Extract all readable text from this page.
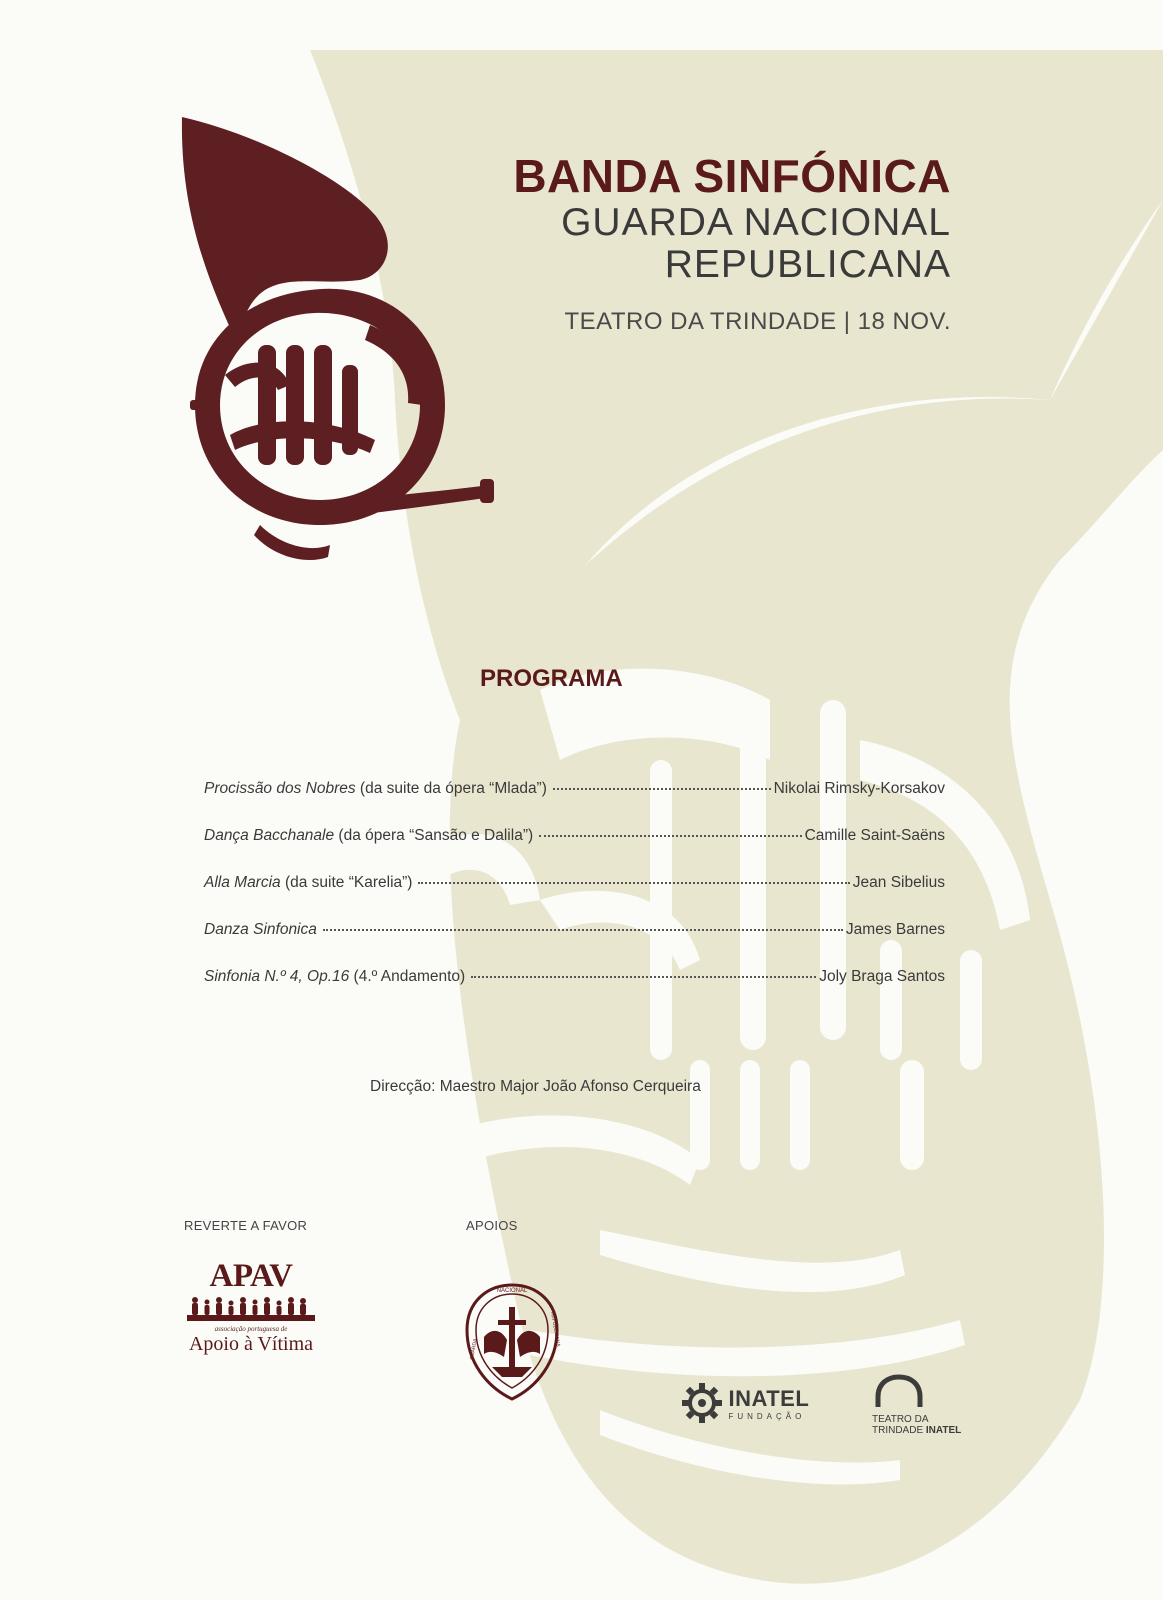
BANDA SINFÓNICA
GUARDA NACIONAL
REPUBLICANA
TEATRO DA TRINDADE | 18 NOV.
PROGRAMA
Procissão dos Nobres (da suite da ópera “Mlada”)	Nikolai Rimsky-Korsakov
Dança Bacchanale (da ópera “Sansão e Dalila”)	Camille Saint-Saëns
Alla Marcia (da suite “Karelia”)	Jean Sibelius
Danza Sinfonica	James Barnes
Sinfonia N.º 4, Op.16 (4.º Andamento)	Joly Braga Santos
Direcção: Maestro Major João Afonso Cerqueira
REVERTE A FAVOR	APOIOS
APAV
associação portuguesa de
Apoio à Vítima
NACIONAL
GUARDA
REPUBLICANA

INATEL
FUNDAÇÃO	TEATRO DA
TRINDADE INATEL
